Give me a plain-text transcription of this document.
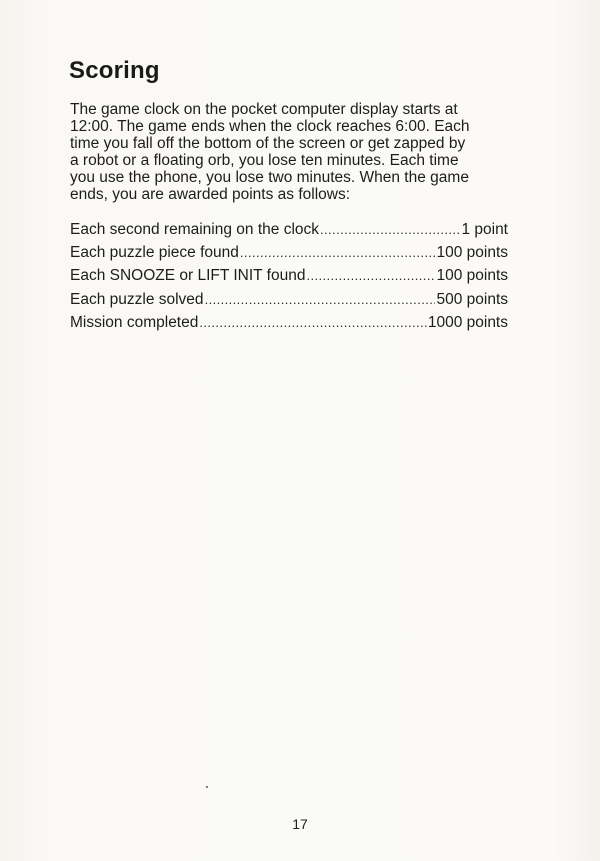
Scoring

The game clock on the pocket computer display starts at
12:00. The game ends when the clock reaches 6:00. Each
time you fall off the bottom of the screen or get zapped by
a robot or a floating orb, you lose ten minutes. Each time
you use the phone, you lose two minutes. When the game
ends, you are awarded points as follows:

Each second remaining on the clock .....	1 point
Each puzzle piece found .....	100 points
Each SNOOZE or LIFT INIT found .....	100 points
Each puzzle solved .....	500 points
Mission completed .....	1000 points
17
